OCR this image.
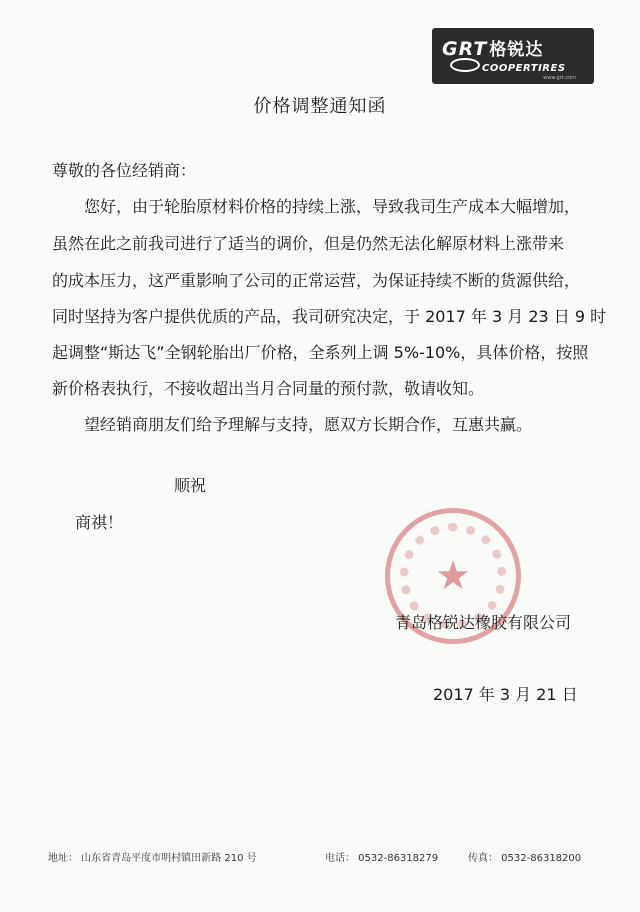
GRT 格锐达
COOPERTIRES
www.grt.com
价格调整通知函
尊敬的各位经销商：
您好，由于轮胎原材料价格的持续上涨，导致我司生产成本大幅增加，
虽然在此之前我司进行了适当的调价，但是仍然无法化解原材料上涨带来
的成本压力，这严重影响了公司的正常运营，为保证持续不断的货源供给，
同时坚持为客户提供优质的产品，我司研究决定，于 2017 年 3 月 23 日 9 时
起调整“斯达飞”全钢轮胎出厂价格，全系列上调 5%-10%，具体价格，按照
新价格表执行，不接收超出当月合同量的预付款，敬请收知。
望经销商朋友们给予理解与支持，愿双方长期合作，互惠共赢。
顺祝
商祺！
★
青岛格锐达橡胶有限公司
2017 年 3 月 21 日
地址： 山东省青岛平度市明村镇田新路 210 号	电话： 0532-86318279	传真： 0532-86318200
